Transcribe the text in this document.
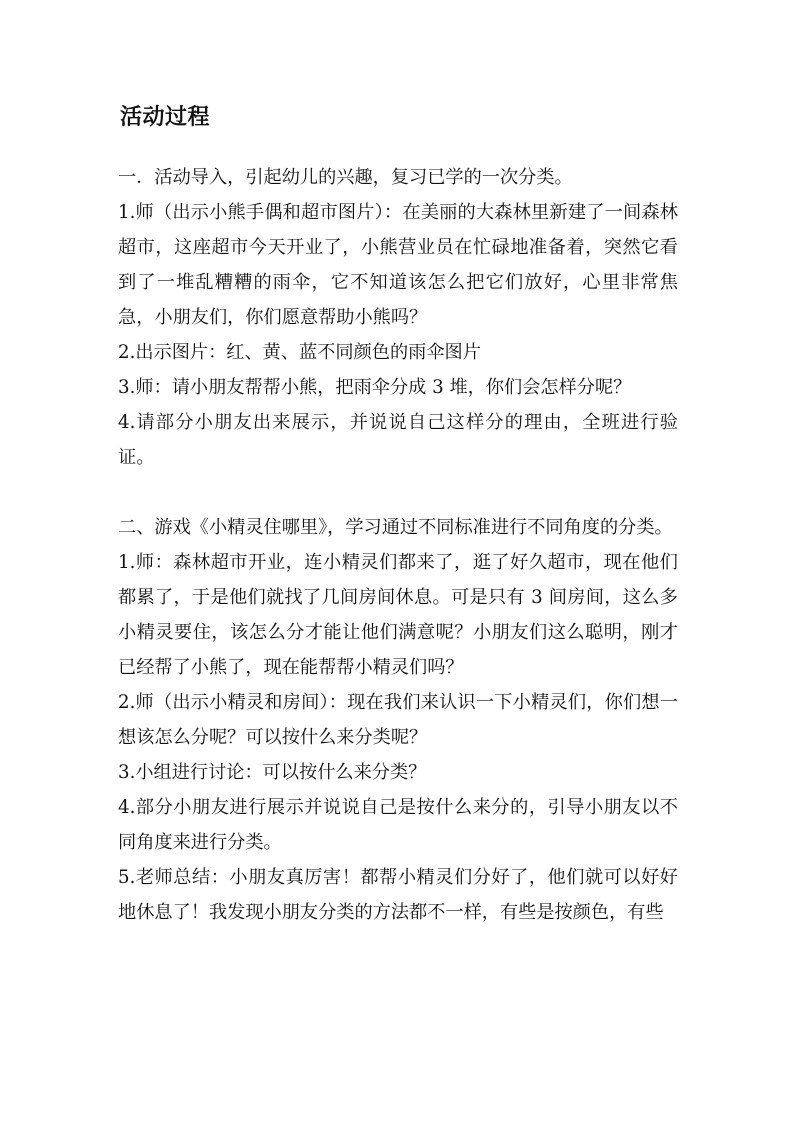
活动过程

一．活动导入，引起幼儿的兴趣，复习已学的一次分类。

1.师（出示小熊手偶和超市图片）：在美丽的大森林里新建了一间森林超市，这座超市今天开业了，小熊营业员在忙碌地准备着，突然它看到了一堆乱糟糟的雨伞，它不知道该怎么把它们放好，心里非常焦急，小朋友们，你们愿意帮助小熊吗？

2.出示图片：红、黄、蓝不同颜色的雨伞图片

3.师：请小朋友帮帮小熊，把雨伞分成 3 堆，你们会怎样分呢？

4.请部分小朋友出来展示，并说说自己这样分的理由，全班进行验证。

二、游戏《小精灵住哪里》，学习通过不同标准进行不同角度的分类。

1.师：森林超市开业，连小精灵们都来了，逛了好久超市，现在他们都累了，于是他们就找了几间房间休息。可是只有 3 间房间，这么多小精灵要住，该怎么分才能让他们满意呢？小朋友们这么聪明，刚才已经帮了小熊了，现在能帮帮小精灵们吗？

2.师（出示小精灵和房间）：现在我们来认识一下小精灵们，你们想一想该怎么分呢？可以按什么来分类呢？

3.小组进行讨论：可以按什么来分类？

4.部分小朋友进行展示并说说自己是按什么来分的，引导小朋友以不同角度来进行分类。

5.老师总结：小朋友真厉害！都帮小精灵们分好了，他们就可以好好地休息了！我发现小朋友分类的方法都不一样，有些是按颜色，有些
